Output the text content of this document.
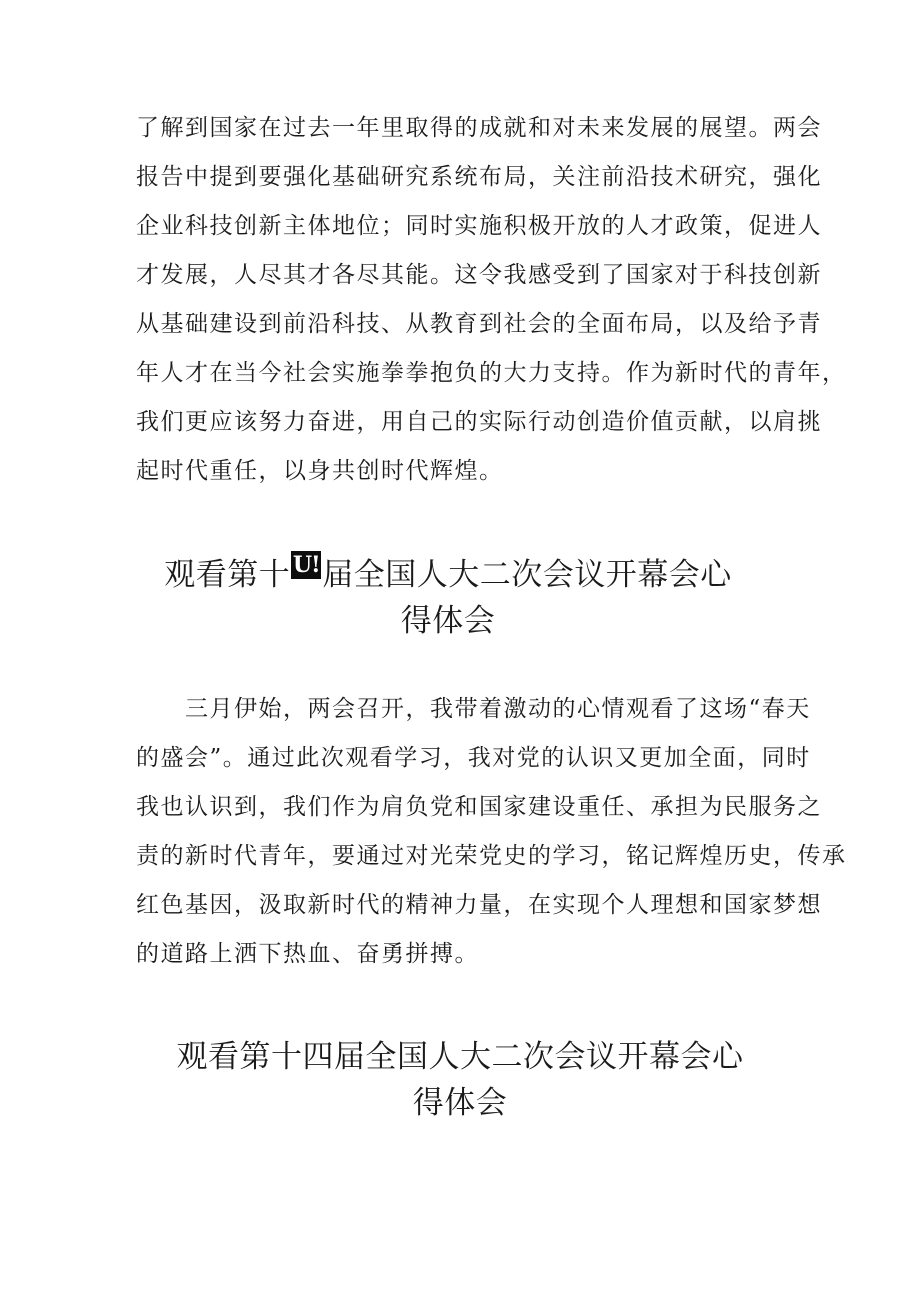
了解到国家在过去一年里取得的成就和对未来发展的展望。两会
报告中提到要强化基础研究系统布局，关注前沿技术研究，强化
企业科技创新主体地位；同时实施积极开放的人才政策，促进人
才发展，人尽其才各尽其能。这令我感受到了国家对于科技创新
从基础建设到前沿科技、从教育到社会的全面布局，以及给予青
年人才在当今社会实施拳拳抱负的大力支持。作为新时代的青年，
我们更应该努力奋进，用自己的实际行动创造价值贡献，以肩挑
起时代重任，以身共创时代辉煌。
观看第十 U! 届全国人大二次会议开幕会心
得体会
　　三月伊始，两会召开，我带着激动的心情观看了这场“春天
的盛会”。通过此次观看学习，我对党的认识又更加全面，同时
我也认识到，我们作为肩负党和国家建设重任、承担为民服务之
责的新时代青年，要通过对光荣党史的学习，铭记辉煌历史，传承
红色基因，汲取新时代的精神力量，在实现个人理想和国家梦想
的道路上洒下热血、奋勇拼搏。
观看第十四届全国人大二次会议开幕会心
得体会
